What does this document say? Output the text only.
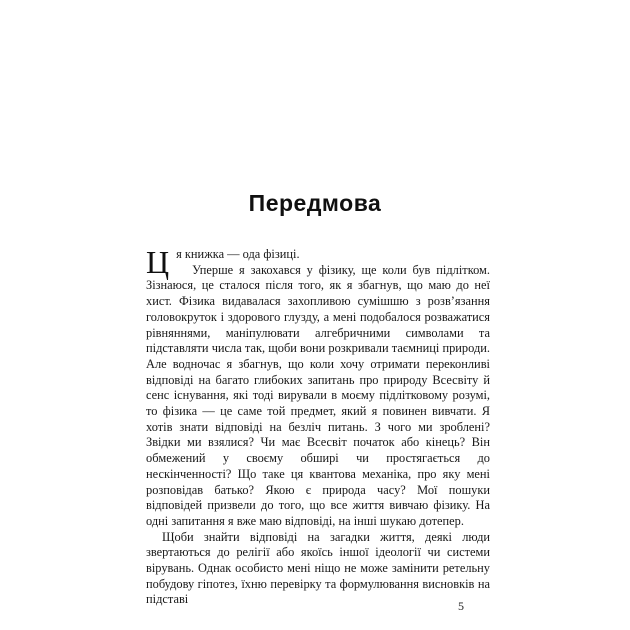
Передмова

Ця книжка — ода фізиці.

Уперше я закохався у фізику, ще коли був підлітком. Зізнаюся, це сталося після того, як я збагнув, що маю до неї хист. Фізика видавалася захопливою сумішшю з розв’язання головокруток і здорового глузду, а мені подобалося розважатися рівняннями, маніпулювати алгебричними символами та підставляти числа так, щоби вони розкривали таємниці природи. Але водночас я збагнув, що коли хочу отримати переконливі відповіді на багато глибоких запитань про природу Всесвіту й сенс існування, які тоді вирували в моєму підлітковому розумі, то фізика — це саме той предмет, який я повинен вивчати. Я хотів знати відповіді на безліч питань. З чого ми зроблені? Звідки ми взялися? Чи має Всесвіт початок або кінець? Він обмежений у своєму обширі чи простягається до нескінченності? Що таке ця квантова механіка, про яку мені розповідав батько? Якою є природа часу? Мої пошуки відповідей призвели до того, що все життя вивчаю фізику. На одні запитання я вже маю відповіді, на інші шукаю дотепер.

Щоби знайти відповіді на загадки життя, деякі люди звертаються до релігії або якоїсь іншої ідеології чи системи вірувань. Однак особисто мені ніщо не може замінити ретельну побудову гіпотез, їхню перевірку та формулювання висновків на підставі	5
